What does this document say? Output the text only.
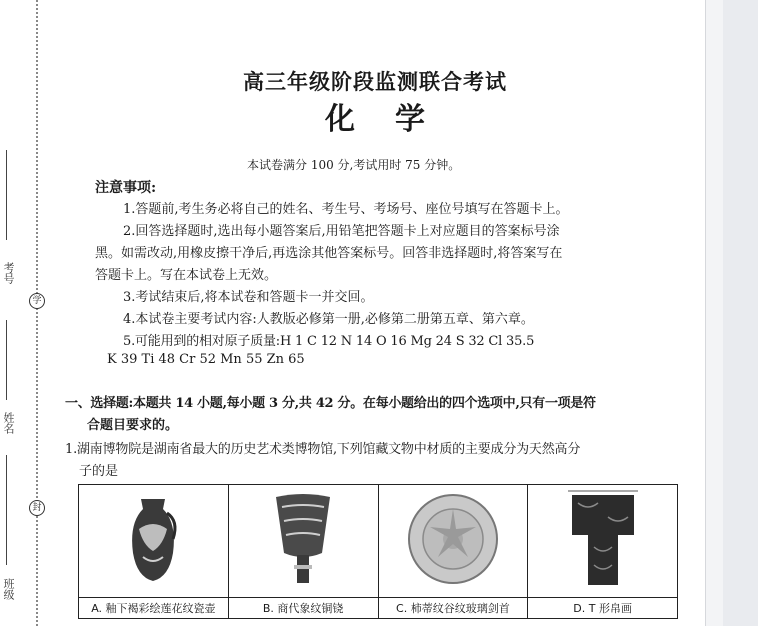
考号
学
姓名
封
班级
高三年级阶段监测联合考试
化学
本试卷满分 100 分,考试用时 75 分钟。
注意事项:
1.答题前,考生务必将自己的姓名、考生号、考场号、座位号填写在答题卡上。
2.回答选择题时,选出每小题答案后,用铅笔把答题卡上对应题目的答案标号涂
黑。如需改动,用橡皮擦干净后,再选涂其他答案标号。回答非选择题时,将答案写在
答题卡上。写在本试卷上无效。
3.考试结束后,将本试卷和答题卡一并交回。
4.本试卷主要考试内容:人教版必修第一册,必修第二册第五章、第六章。
5.可能用到的相对原子质量:H 1 C 12 N 14 O 16 Mg 24 S 32 Cl 35.5
K 39 Ti 48 Cr 52 Mn 55 Zn 65
一、选择题:本题共 14 小题,每小题 3 分,共 42 分。在每小题给出的四个选项中,只有一项是符
合题目要求的。
1.湖南博物院是湖南省最大的历史艺术类博物馆,下列馆藏文物中材质的主要成分为天然高分
子的是

A. 釉下褐彩绘莲花纹瓷壶	B. 商代象纹铜铙	C. 柿蒂纹谷纹玻璃剑首	D. T 形帛画
